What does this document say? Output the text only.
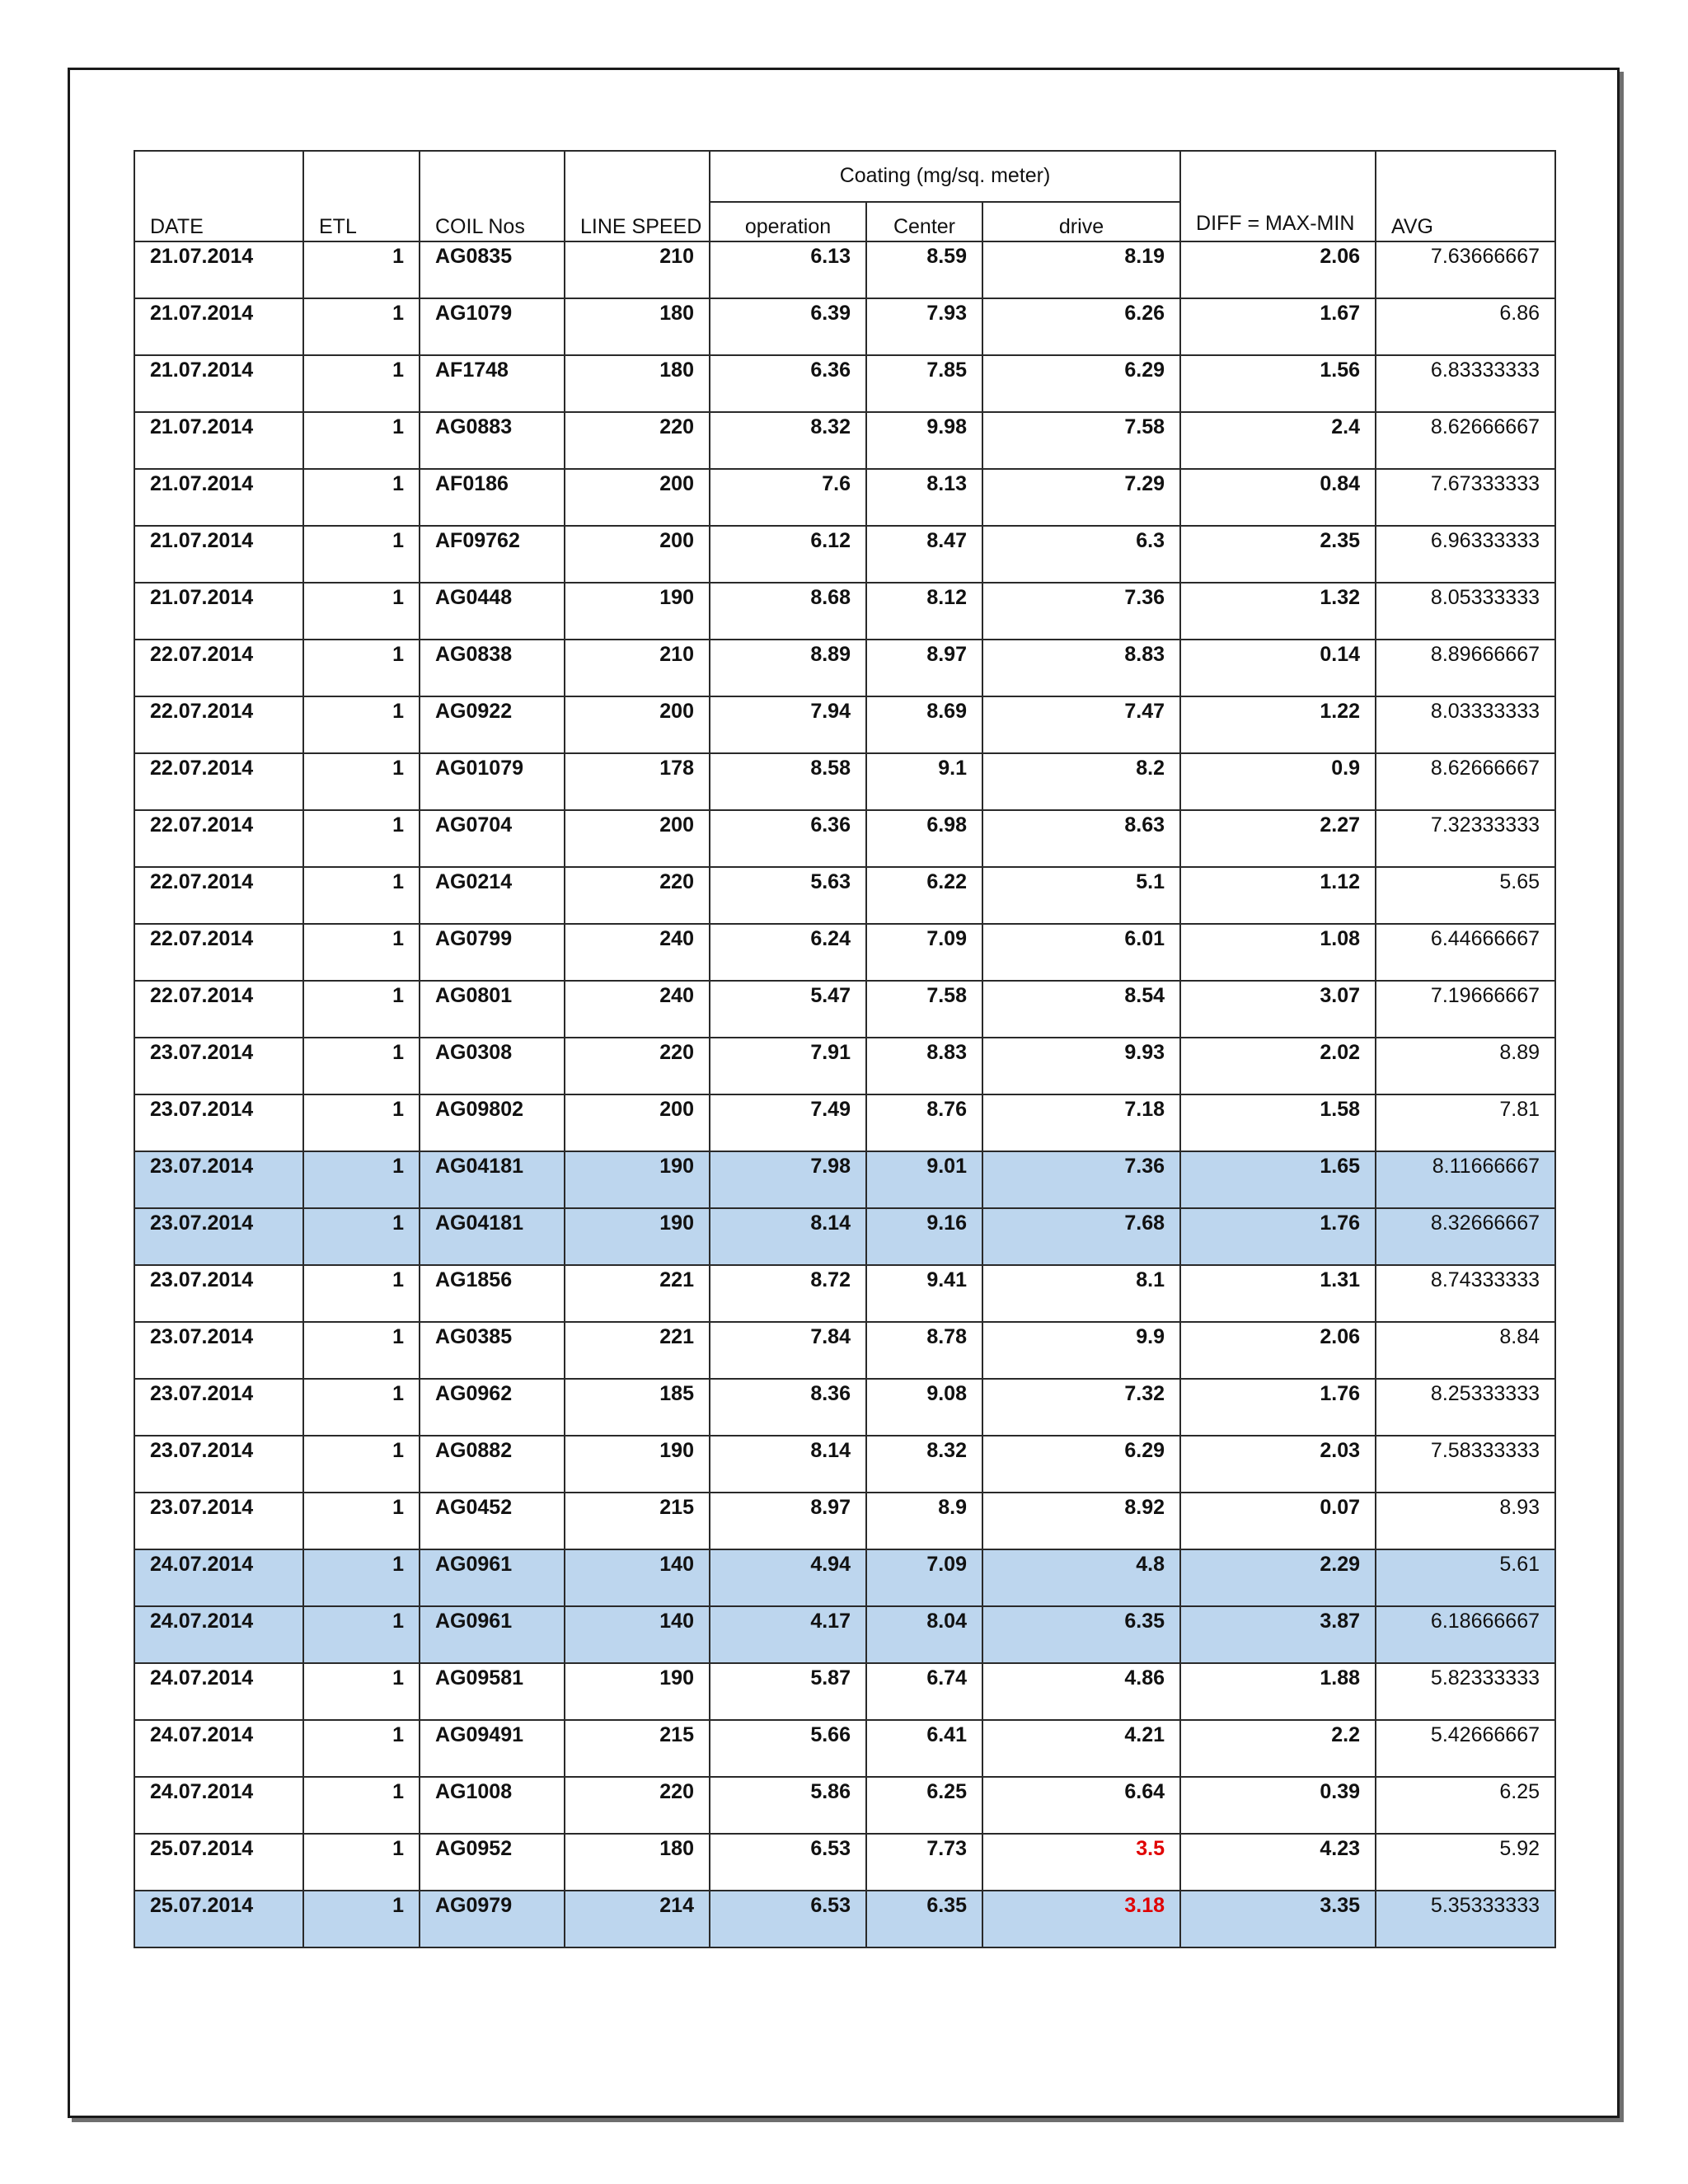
DATE	ETL	COIL Nos	LINE SPEED	Coating (mg/sq. meter)			DIFF = MAX-MIN	AVG
				operation	Center	drive		
21.07.2014	1	AG0835	210	6.13	8.59	8.19	2.06	7.63666667
21.07.2014	1	AG1079	180	6.39	7.93	6.26	1.67	6.86
21.07.2014	1	AF1748	180	6.36	7.85	6.29	1.56	6.83333333
21.07.2014	1	AG0883	220	8.32	9.98	7.58	2.4	8.62666667
21.07.2014	1	AF0186	200	7.6	8.13	7.29	0.84	7.67333333
21.07.2014	1	AF09762	200	6.12	8.47	6.3	2.35	6.96333333
21.07.2014	1	AG0448	190	8.68	8.12	7.36	1.32	8.05333333
22.07.2014	1	AG0838	210	8.89	8.97	8.83	0.14	8.89666667
22.07.2014	1	AG0922	200	7.94	8.69	7.47	1.22	8.03333333
22.07.2014	1	AG01079	178	8.58	9.1	8.2	0.9	8.62666667
22.07.2014	1	AG0704	200	6.36	6.98	8.63	2.27	7.32333333
22.07.2014	1	AG0214	220	5.63	6.22	5.1	1.12	5.65
22.07.2014	1	AG0799	240	6.24	7.09	6.01	1.08	6.44666667
22.07.2014	1	AG0801	240	5.47	7.58	8.54	3.07	7.19666667
23.07.2014	1	AG0308	220	7.91	8.83	9.93	2.02	8.89
23.07.2014	1	AG09802	200	7.49	8.76	7.18	1.58	7.81
23.07.2014	1	AG04181	190	7.98	9.01	7.36	1.65	8.11666667
23.07.2014	1	AG04181	190	8.14	9.16	7.68	1.76	8.32666667
23.07.2014	1	AG1856	221	8.72	9.41	8.1	1.31	8.74333333
23.07.2014	1	AG0385	221	7.84	8.78	9.9	2.06	8.84
23.07.2014	1	AG0962	185	8.36	9.08	7.32	1.76	8.25333333
23.07.2014	1	AG0882	190	8.14	8.32	6.29	2.03	7.58333333
23.07.2014	1	AG0452	215	8.97	8.9	8.92	0.07	8.93
24.07.2014	1	AG0961	140	4.94	7.09	4.8	2.29	5.61
24.07.2014	1	AG0961	140	4.17	8.04	6.35	3.87	6.18666667
24.07.2014	1	AG09581	190	5.87	6.74	4.86	1.88	5.82333333
24.07.2014	1	AG09491	215	5.66	6.41	4.21	2.2	5.42666667
24.07.2014	1	AG1008	220	5.86	6.25	6.64	0.39	6.25
25.07.2014	1	AG0952	180	6.53	7.73	3.5	4.23	5.92
25.07.2014	1	AG0979	214	6.53	6.35	3.18	3.35	5.35333333
